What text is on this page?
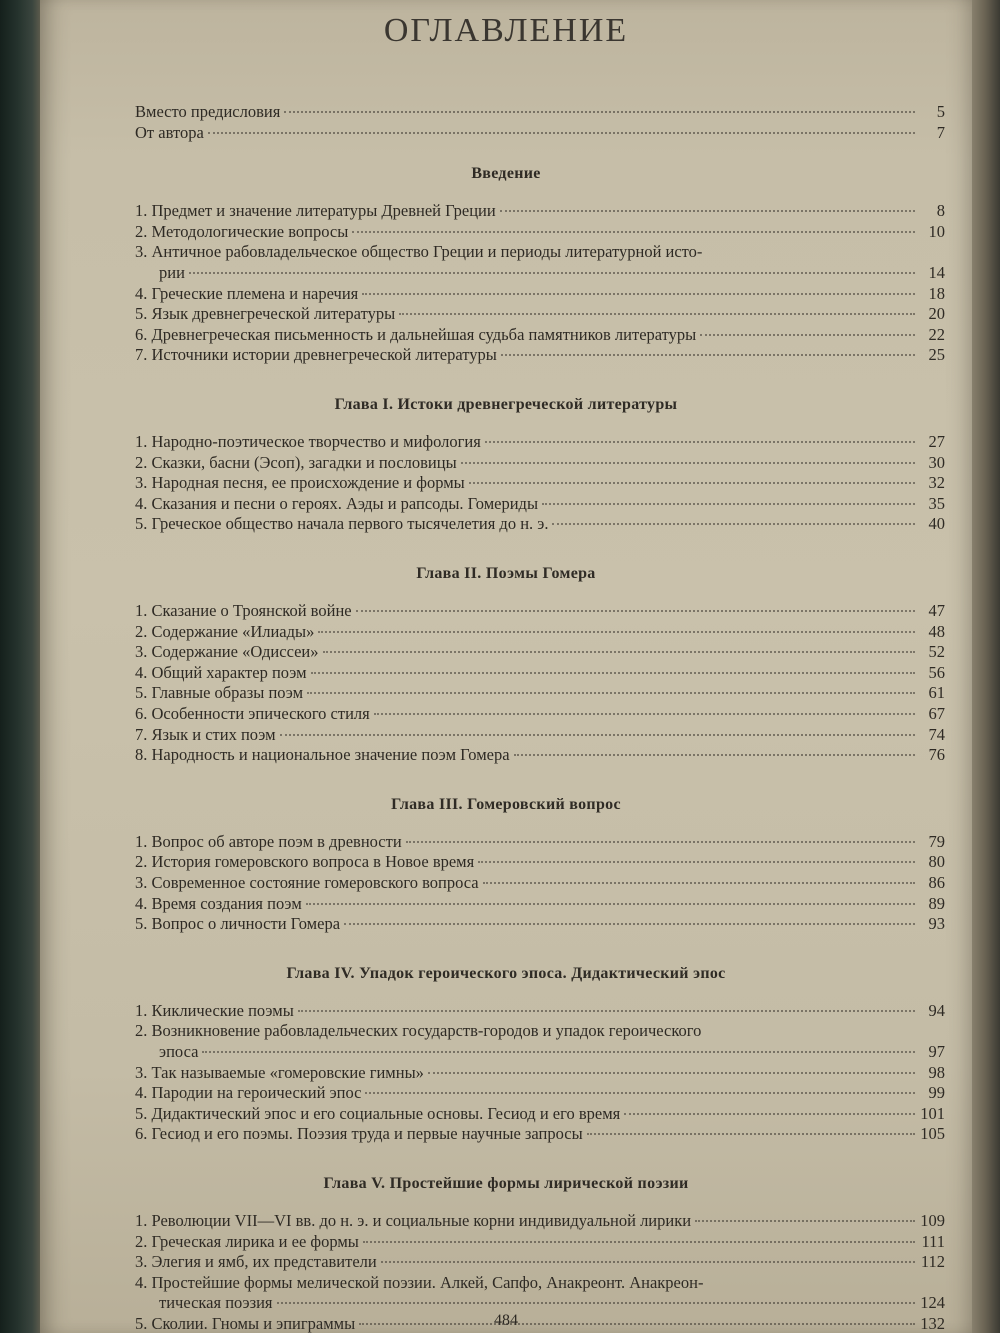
ОГЛАВЛЕНИЕ
484
Вместо предисловия	5
От автора	7
Введение
1. Предмет и значение литературы Древней Греции	8
2. Методологические вопросы	10
3. Античное рабовладельческое общество Греции и периоды литературной исто-
рии	14
4. Греческие племена и наречия	18
5. Язык древнегреческой литературы	20
6. Древнегреческая письменность и дальнейшая судьба памятников литературы	22
7. Источники истории древнегреческой литературы	25
Глава I. Истоки древнегреческой литературы
1. Народно-поэтическое творчество и мифология	27
2. Сказки, басни (Эсоп), загадки и пословицы	30
3. Народная песня, ее происхождение и формы	32
4. Сказания и песни о героях. Аэды и рапсоды. Гомериды	35
5. Греческое общество начала первого тысячелетия до н. э.	40
Глава II. Поэмы Гомера
1. Сказание о Троянской войне	47
2. Содержание «Илиады»	48
3. Содержание «Одиссеи»	52
4. Общий характер поэм	56
5. Главные образы поэм	61
6. Особенности эпического стиля	67
7. Язык и стих поэм	74
8. Народность и национальное значение поэм Гомера	76
Глава III. Гомеровский вопрос
1. Вопрос об авторе поэм в древности	79
2. История гомеровского вопроса в Новое время	80
3. Современное состояние гомеровского вопроса	86
4. Время создания поэм	89
5. Вопрос о личности Гомера	93
Глава IV. Упадок героического эпоса. Дидактический эпос
1. Киклические поэмы	94
2. Возникновение рабовладельческих государств-городов и упадок героического
эпоса	97
3. Так называемые «гомеровские гимны»	98
4. Пародии на героический эпос	99
5. Дидактический эпос и его социальные основы. Гесиод и его время	101
6. Гесиод и его поэмы. Поэзия труда и первые научные запросы	105
Глава V. Простейшие формы лирической поэзии
1. Революции VII—VI вв. до н. э. и социальные корни индивидуальной лирики	109
2. Греческая лирика и ее формы	111
3. Элегия и ямб, их представители	112
4. Простейшие формы мелической поэзии. Алкей, Сапфо, Анакреонт. Анакреон-
тическая поэзия	124
5. Сколии. Гномы и эпиграммы	132
